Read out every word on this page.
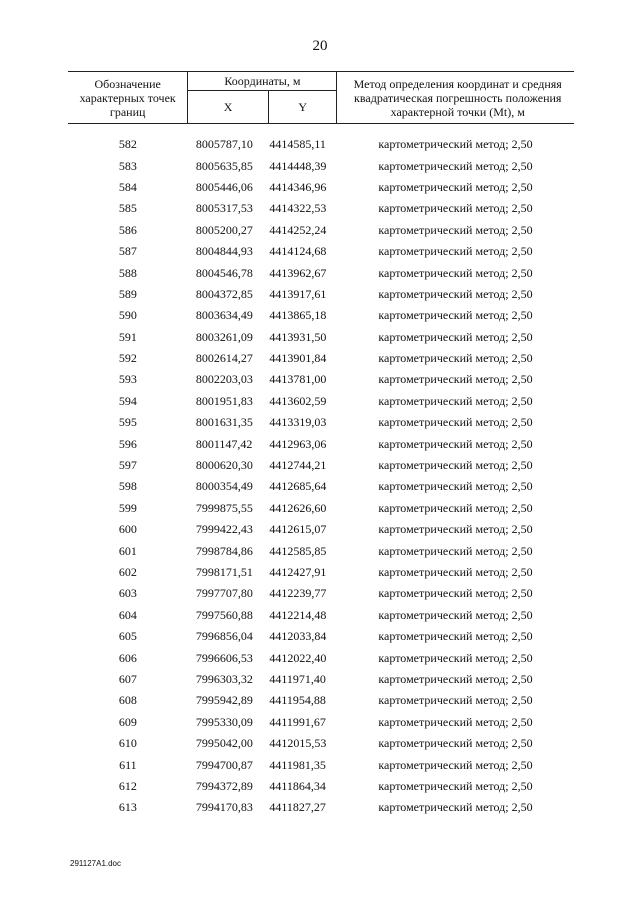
20
Обозначение характерных точек границ	Координаты, м		Метод определения координат и средняя квадратическая погрешность положения характерной точки (Mt), м
	X	Y	

582	8005787,10	4414585,11	картометрический метод; 2,50
583	8005635,85	4414448,39	картометрический метод; 2,50
584	8005446,06	4414346,96	картометрический метод; 2,50
585	8005317,53	4414322,53	картометрический метод; 2,50
586	8005200,27	4414252,24	картометрический метод; 2,50
587	8004844,93	4414124,68	картометрический метод; 2,50
588	8004546,78	4413962,67	картометрический метод; 2,50
589	8004372,85	4413917,61	картометрический метод; 2,50
590	8003634,49	4413865,18	картометрический метод; 2,50
591	8003261,09	4413931,50	картометрический метод; 2,50
592	8002614,27	4413901,84	картометрический метод; 2,50
593	8002203,03	4413781,00	картометрический метод; 2,50
594	8001951,83	4413602,59	картометрический метод; 2,50
595	8001631,35	4413319,03	картометрический метод; 2,50
596	8001147,42	4412963,06	картометрический метод; 2,50
597	8000620,30	4412744,21	картометрический метод; 2,50
598	8000354,49	4412685,64	картометрический метод; 2,50
599	7999875,55	4412626,60	картометрический метод; 2,50
600	7999422,43	4412615,07	картометрический метод; 2,50
601	7998784,86	4412585,85	картометрический метод; 2,50
602	7998171,51	4412427,91	картометрический метод; 2,50
603	7997707,80	4412239,77	картометрический метод; 2,50
604	7997560,88	4412214,48	картометрический метод; 2,50
605	7996856,04	4412033,84	картометрический метод; 2,50
606	7996606,53	4412022,40	картометрический метод; 2,50
607	7996303,32	4411971,40	картометрический метод; 2,50
608	7995942,89	4411954,88	картометрический метод; 2,50
609	7995330,09	4411991,67	картометрический метод; 2,50
610	7995042,00	4412015,53	картометрический метод; 2,50
611	7994700,87	4411981,35	картометрический метод; 2,50
612	7994372,89	4411864,34	картометрический метод; 2,50
613	7994170,83	4411827,27	картометрический метод; 2,50
291127A1.doc
